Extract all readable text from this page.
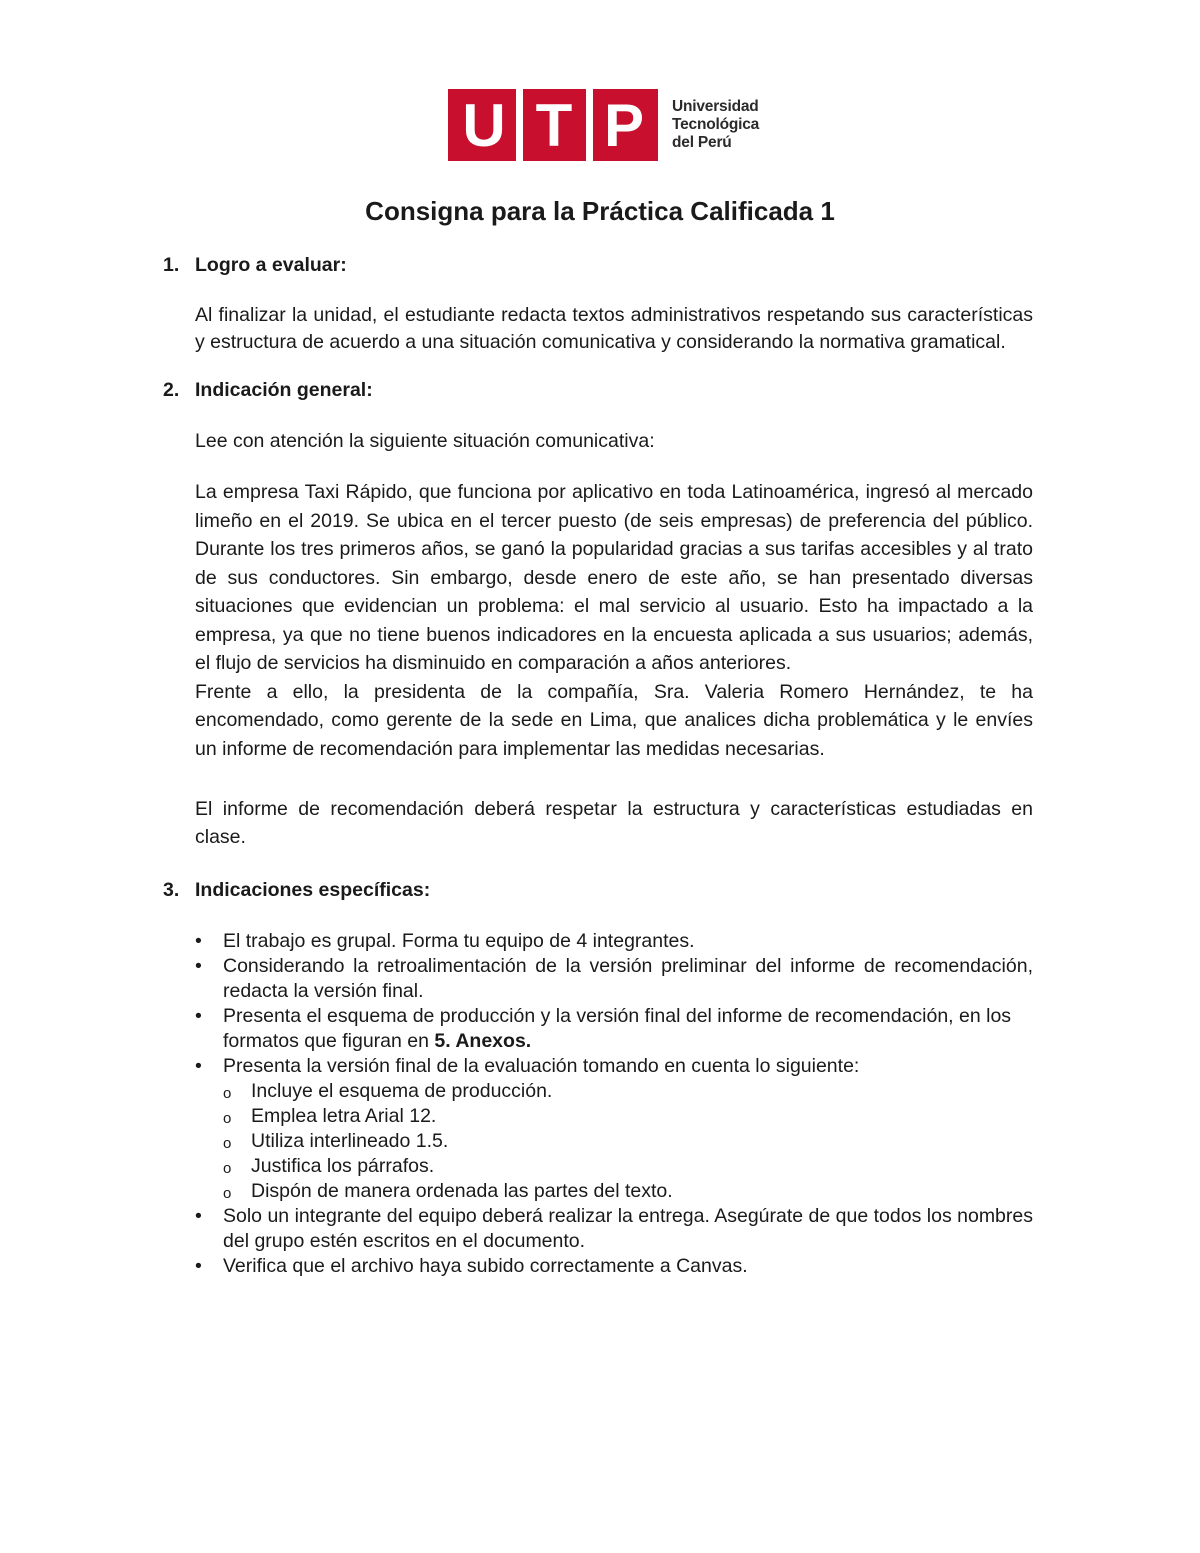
U T P	Universidad
Tecnológica
del Perú
Consigna para la Práctica Calificada 1
1. Logro a evaluar:

Al finalizar la unidad, el estudiante redacta textos administrativos respetando sus características y estructura de acuerdo a una situación comunicativa y considerando la normativa gramatical.

2. Indicación general:

Lee con atención la siguiente situación comunicativa:

La empresa Taxi Rápido, que funciona por aplicativo en toda Latinoamérica, ingresó al mercado limeño en el 2019. Se ubica en el tercer puesto (de seis empresas) de preferencia del público. Durante los tres primeros años, se ganó la popularidad gracias a sus tarifas accesibles y al trato de sus conductores. Sin embargo, desde enero de este año, se han presentado diversas situaciones que evidencian un problema: el mal servicio al usuario. Esto ha impactado a la empresa, ya que no tiene buenos indicadores en la encuesta aplicada a sus usuarios; además, el flujo de servicios ha disminuido en comparación a años anteriores.

Frente a ello, la presidenta de la compañía, Sra. Valeria Romero Hernández, te ha encomendado, como gerente de la sede en Lima, que analices dicha problemática y le envíes un informe de recomendación para implementar las medidas necesarias.

El informe de recomendación deberá respetar la estructura y características estudiadas en clase.

3. Indicaciones específicas:
• El trabajo es grupal. Forma tu equipo de 4 integrantes.
• Considerando la retroalimentación de la versión preliminar del informe de recomendación, redacta la versión final.
• Presenta el esquema de producción y la versión final del informe de recomendación, en los formatos que figuran en 5. Anexos.
• Presenta la versión final de la evaluación tomando en cuenta lo siguiente:
o Incluye el esquema de producción.
o Emplea letra Arial 12.
o Utiliza interlineado 1.5.
o Justifica los párrafos.
o Dispón de manera ordenada las partes del texto.
• Solo un integrante del equipo deberá realizar la entrega. Asegúrate de que todos los nombres del grupo estén escritos en el documento.
• Verifica que el archivo haya subido correctamente a Canvas.
